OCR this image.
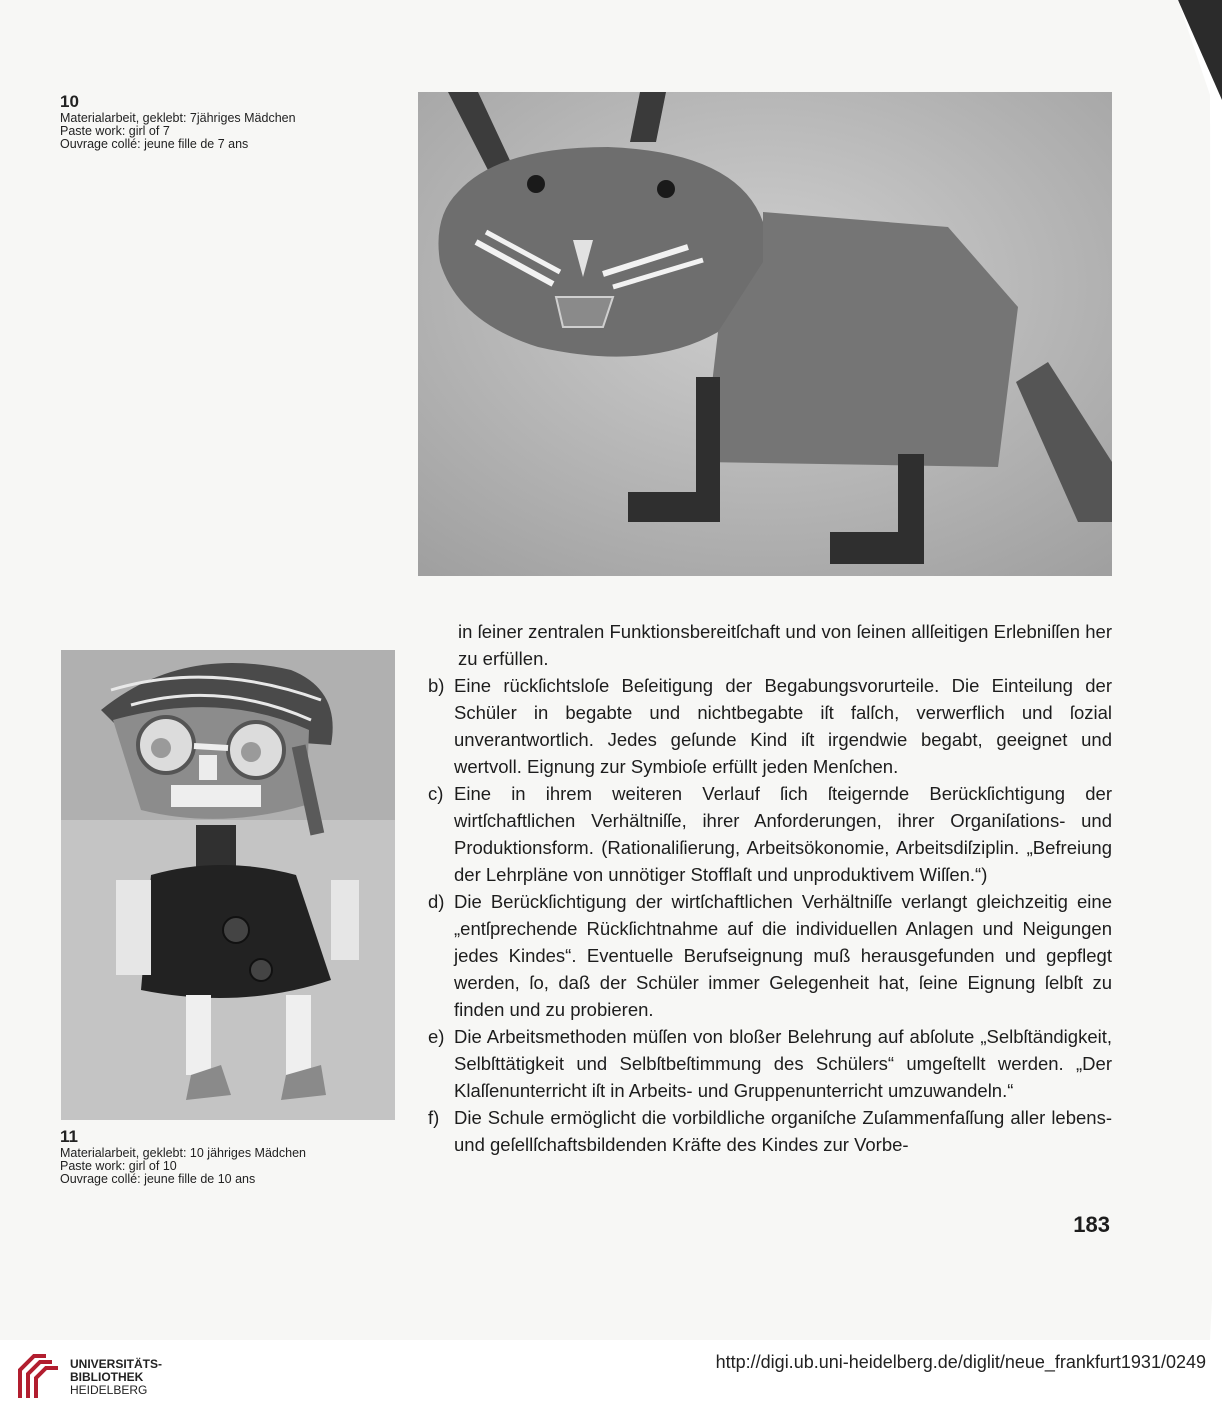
10
Materialarbeit, geklebt: 7jähriges Mädchen
Paste work: girl of 7
Ouvrage collé: jeune fille de 7 ans
11
Materialarbeit, geklebt: 10 jähriges Mädchen
Paste work: girl of 10
Ouvrage collé: jeune fille de 10 ans
in ſeiner zentralen Funktionsbereitſchaft und von ſeinen allſeitigen Erlebniſſen her zu erfüllen.
b) Eine rückſichtsloſe Beſeitigung der Begabungsvorurteile. Die Einteilung der Schüler in begabte und nichtbegabte iſt falſch, verwerflich und ſozial unverantwortlich. Jedes geſunde Kind iſt irgendwie begabt, geeignet und wertvoll. Eignung zur Symbioſe erfüllt jeden Menſchen.
c) Eine in ihrem weiteren Verlauf ſich ſteigernde Berückſichtigung der wirtſchaftlichen Verhältniſſe, ihrer Anforderungen, ihrer Organiſations- und Produktionsform. (Rationaliſierung, Arbeitsökonomie, Arbeitsdiſziplin. „Befreiung der Lehrpläne von unnötiger Stofflaſt und unproduktivem Wiſſen.“)
d) Die Berückſichtigung der wirtſchaftlichen Verhältniſſe verlangt gleichzeitig eine „entſprechende Rückſichtnahme auf die individuellen Anlagen und Neigungen jedes Kindes“. Eventuelle Berufseignung muß herausgefunden und gepflegt werden, ſo, daß der Schüler immer Gelegenheit hat, ſeine Eignung ſelbſt zu finden und zu probieren.
e) Die Arbeitsmethoden müſſen von bloßer Belehrung auf abſolute „Selbſtändigkeit, Selbſttätigkeit und Selbſtbeſtimmung des Schülers“ umgeſtellt werden. „Der Klaſſenunterricht iſt in Arbeits- und Gruppenunterricht umzuwandeln.“
f) Die Schule ermöglicht die vorbildliche organiſche Zuſammenfaſſung aller lebens- und geſellſchaftsbildenden Kräfte des Kindes zur Vorbe-
183
UNIVERSITÄTS-
BIBLIOTHEK
HEIDELBERG
http://digi.ub.uni-heidelberg.de/diglit/neue_frankfurt1931/0249
